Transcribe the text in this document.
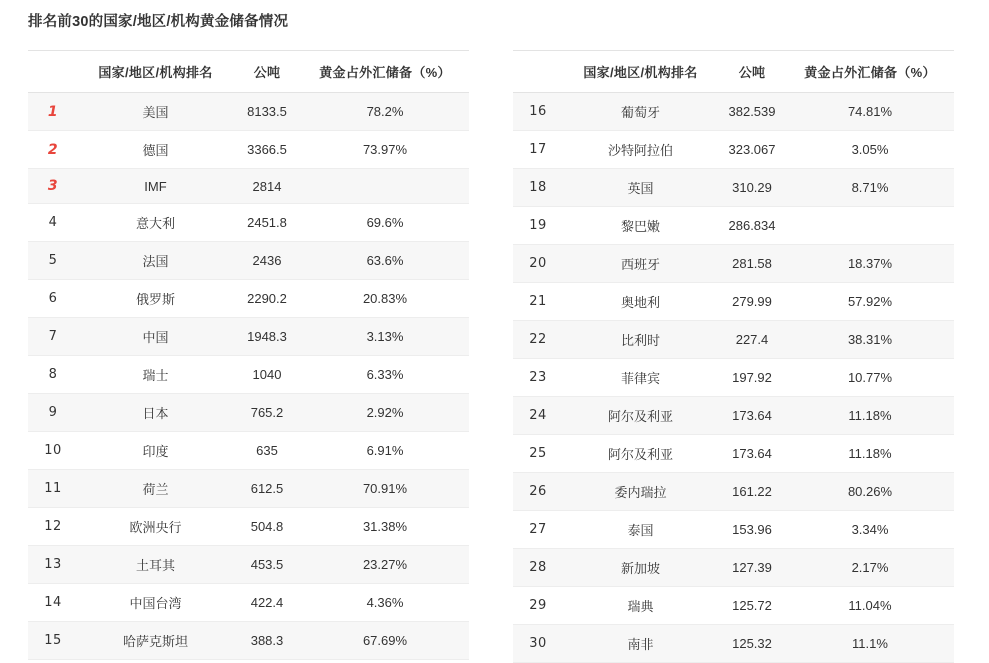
排名前30的国家/地区/机构黄金储备情况
	国家/地区/机构排名	公吨	黄金占外汇储备（%）
1	美国	8133.5	78.2%
2	德国	3366.5	73.97%
3	IMF	2814	
4	意大利	2451.8	69.6%
5	法国	2436	63.6%
6	俄罗斯	2290.2	20.83%
7	中国	1948.3	3.13%
8	瑞士	1040	6.33%
9	日本	765.2	2.92%
10	印度	635	6.91%
11	荷兰	612.5	70.91%
12	欧洲央行	504.8	31.38%
13	土耳其	453.5	23.27%
14	中国台湾	422.4	4.36%
15	哈萨克斯坦	388.3	67.69%
	国家/地区/机构排名	公吨	黄金占外汇储备（%）
16	葡萄牙	382.539	74.81%
17	沙特阿拉伯	323.067	3.05%
18	英国	310.29	8.71%
19	黎巴嫩	286.834	
20	西班牙	281.58	18.37%
21	奥地利	279.99	57.92%
22	比利时	227.4	38.31%
23	菲律宾	197.92	10.77%
24	阿尔及利亚	173.64	11.18%
25	阿尔及利亚	173.64	11.18%
26	委内瑞拉	161.22	80.26%
27	泰国	153.96	3.34%
28	新加坡	127.39	2.17%
29	瑞典	125.72	11.04%
30	南非	125.32	11.1%
